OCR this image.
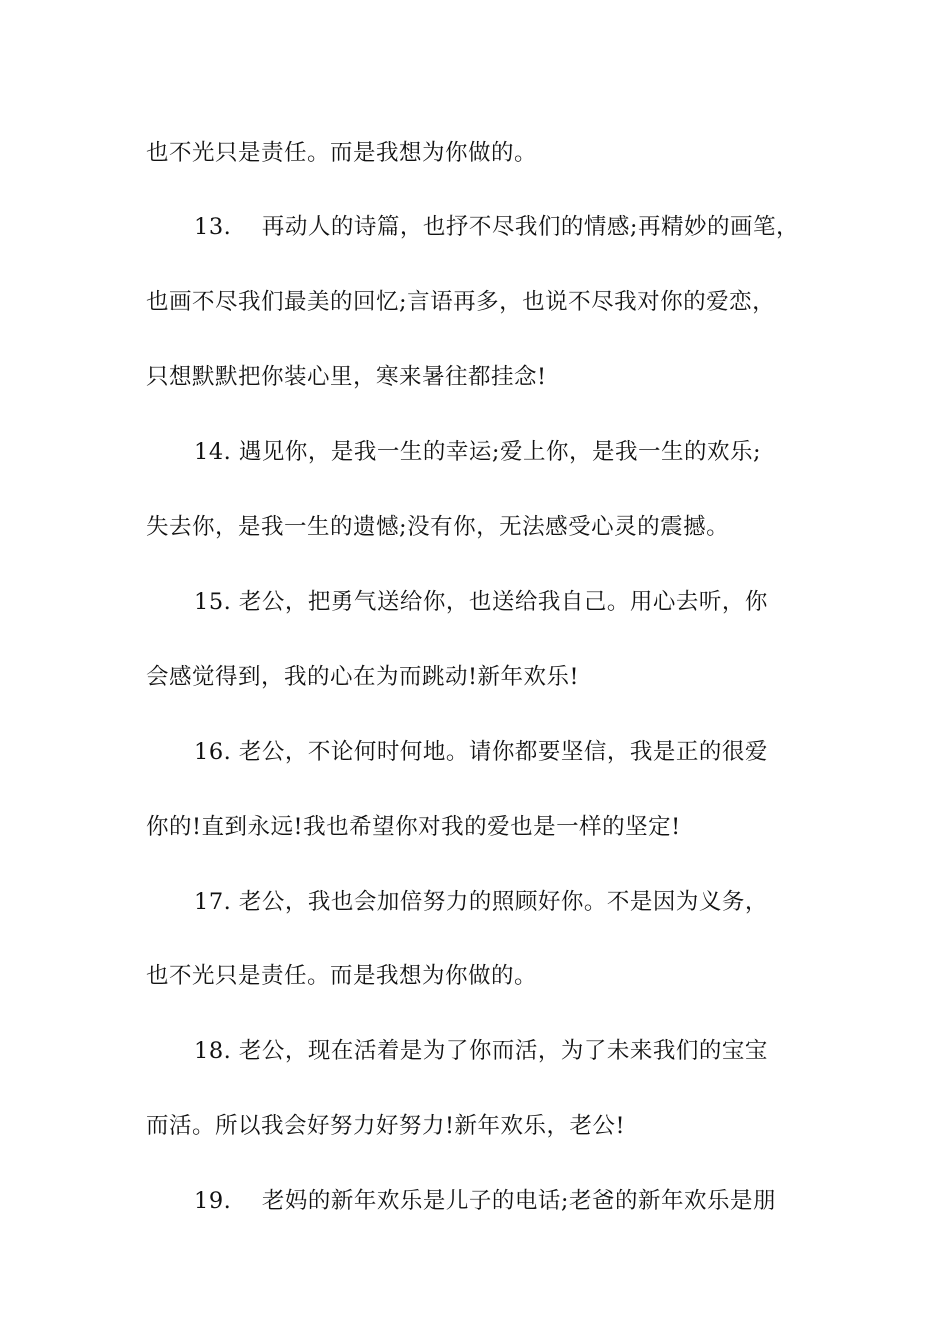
也不光只是责任。而是我想为你做的。
13.　 再动人的诗篇，也抒不尽我们的情感;再精妙的画笔，
也画不尽我们最美的回忆;言语再多，也说不尽我对你的爱恋，
只想默默把你装心里，寒来暑往都挂念!
14. 遇见你，是我一生的幸运;爱上你，是我一生的欢乐;
失去你，是我一生的遗憾;没有你，无法感受心灵的震撼。
15. 老公，把勇气送给你，也送给我自己。用心去听，你
会感觉得到，我的心在为而跳动!新年欢乐!
16. 老公，不论何时何地。请你都要坚信，我是正的很爱
你的!直到永远!我也希望你对我的爱也是一样的坚定!
17. 老公，我也会加倍努力的照顾好你。不是因为义务，
也不光只是责任。而是我想为你做的。
18. 老公，现在活着是为了你而活，为了未来我们的宝宝
而活。所以我会好努力好努力!新年欢乐，老公!
19.　 老妈的新年欢乐是儿子的电话;老爸的新年欢乐是朋
